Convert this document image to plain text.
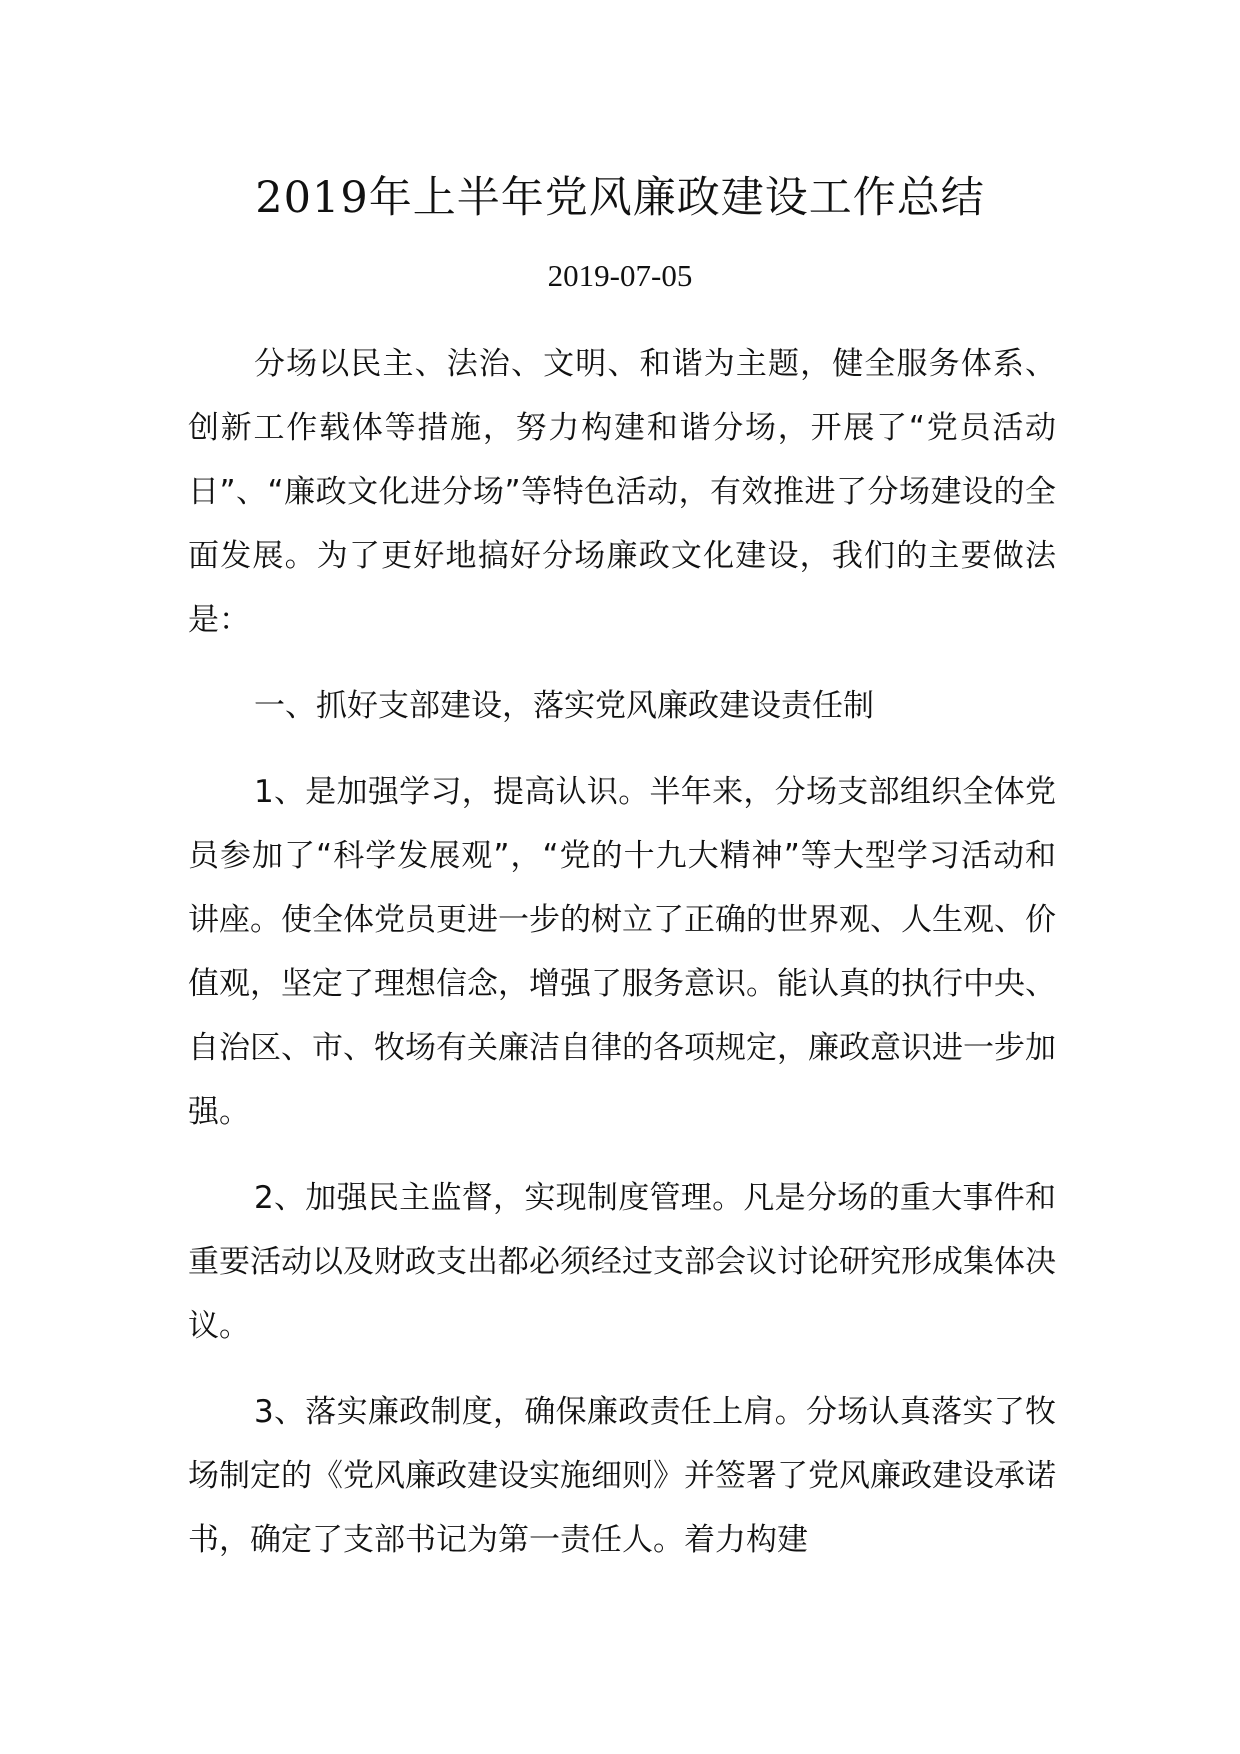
2019年上半年党风廉政建设工作总结
2019-07-05

分场以民主、法治、文明、和谐为主题，健全服务体系、创新工作载体等措施，努力构建和谐分场，开展了“党员活动日”、“廉政文化进分场”等特色活动，有效推进了分场建设的全面发展。为了更好地搞好分场廉政文化建设，我们的主要做法是：

一、抓好支部建设，落实党风廉政建设责任制

1、是加强学习，提高认识。半年来，分场支部组织全体党员参加了“科学发展观”，“党的十九大精神”等大型学习活动和讲座。使全体党员更进一步的树立了正确的世界观、人生观、价值观，坚定了理想信念，增强了服务意识。能认真的执行中央、自治区、市、牧场有关廉洁自律的各项规定，廉政意识进一步加强。

2、加强民主监督，实现制度管理。凡是分场的重大事件和重要活动以及财政支出都必须经过支部会议讨论研究形成集体决议。

3、落实廉政制度，确保廉政责任上肩。分场认真落实了牧场制定的《党风廉政建设实施细则》并签署了党风廉政建设承诺书，确定了支部书记为第一责任人。着力构建
